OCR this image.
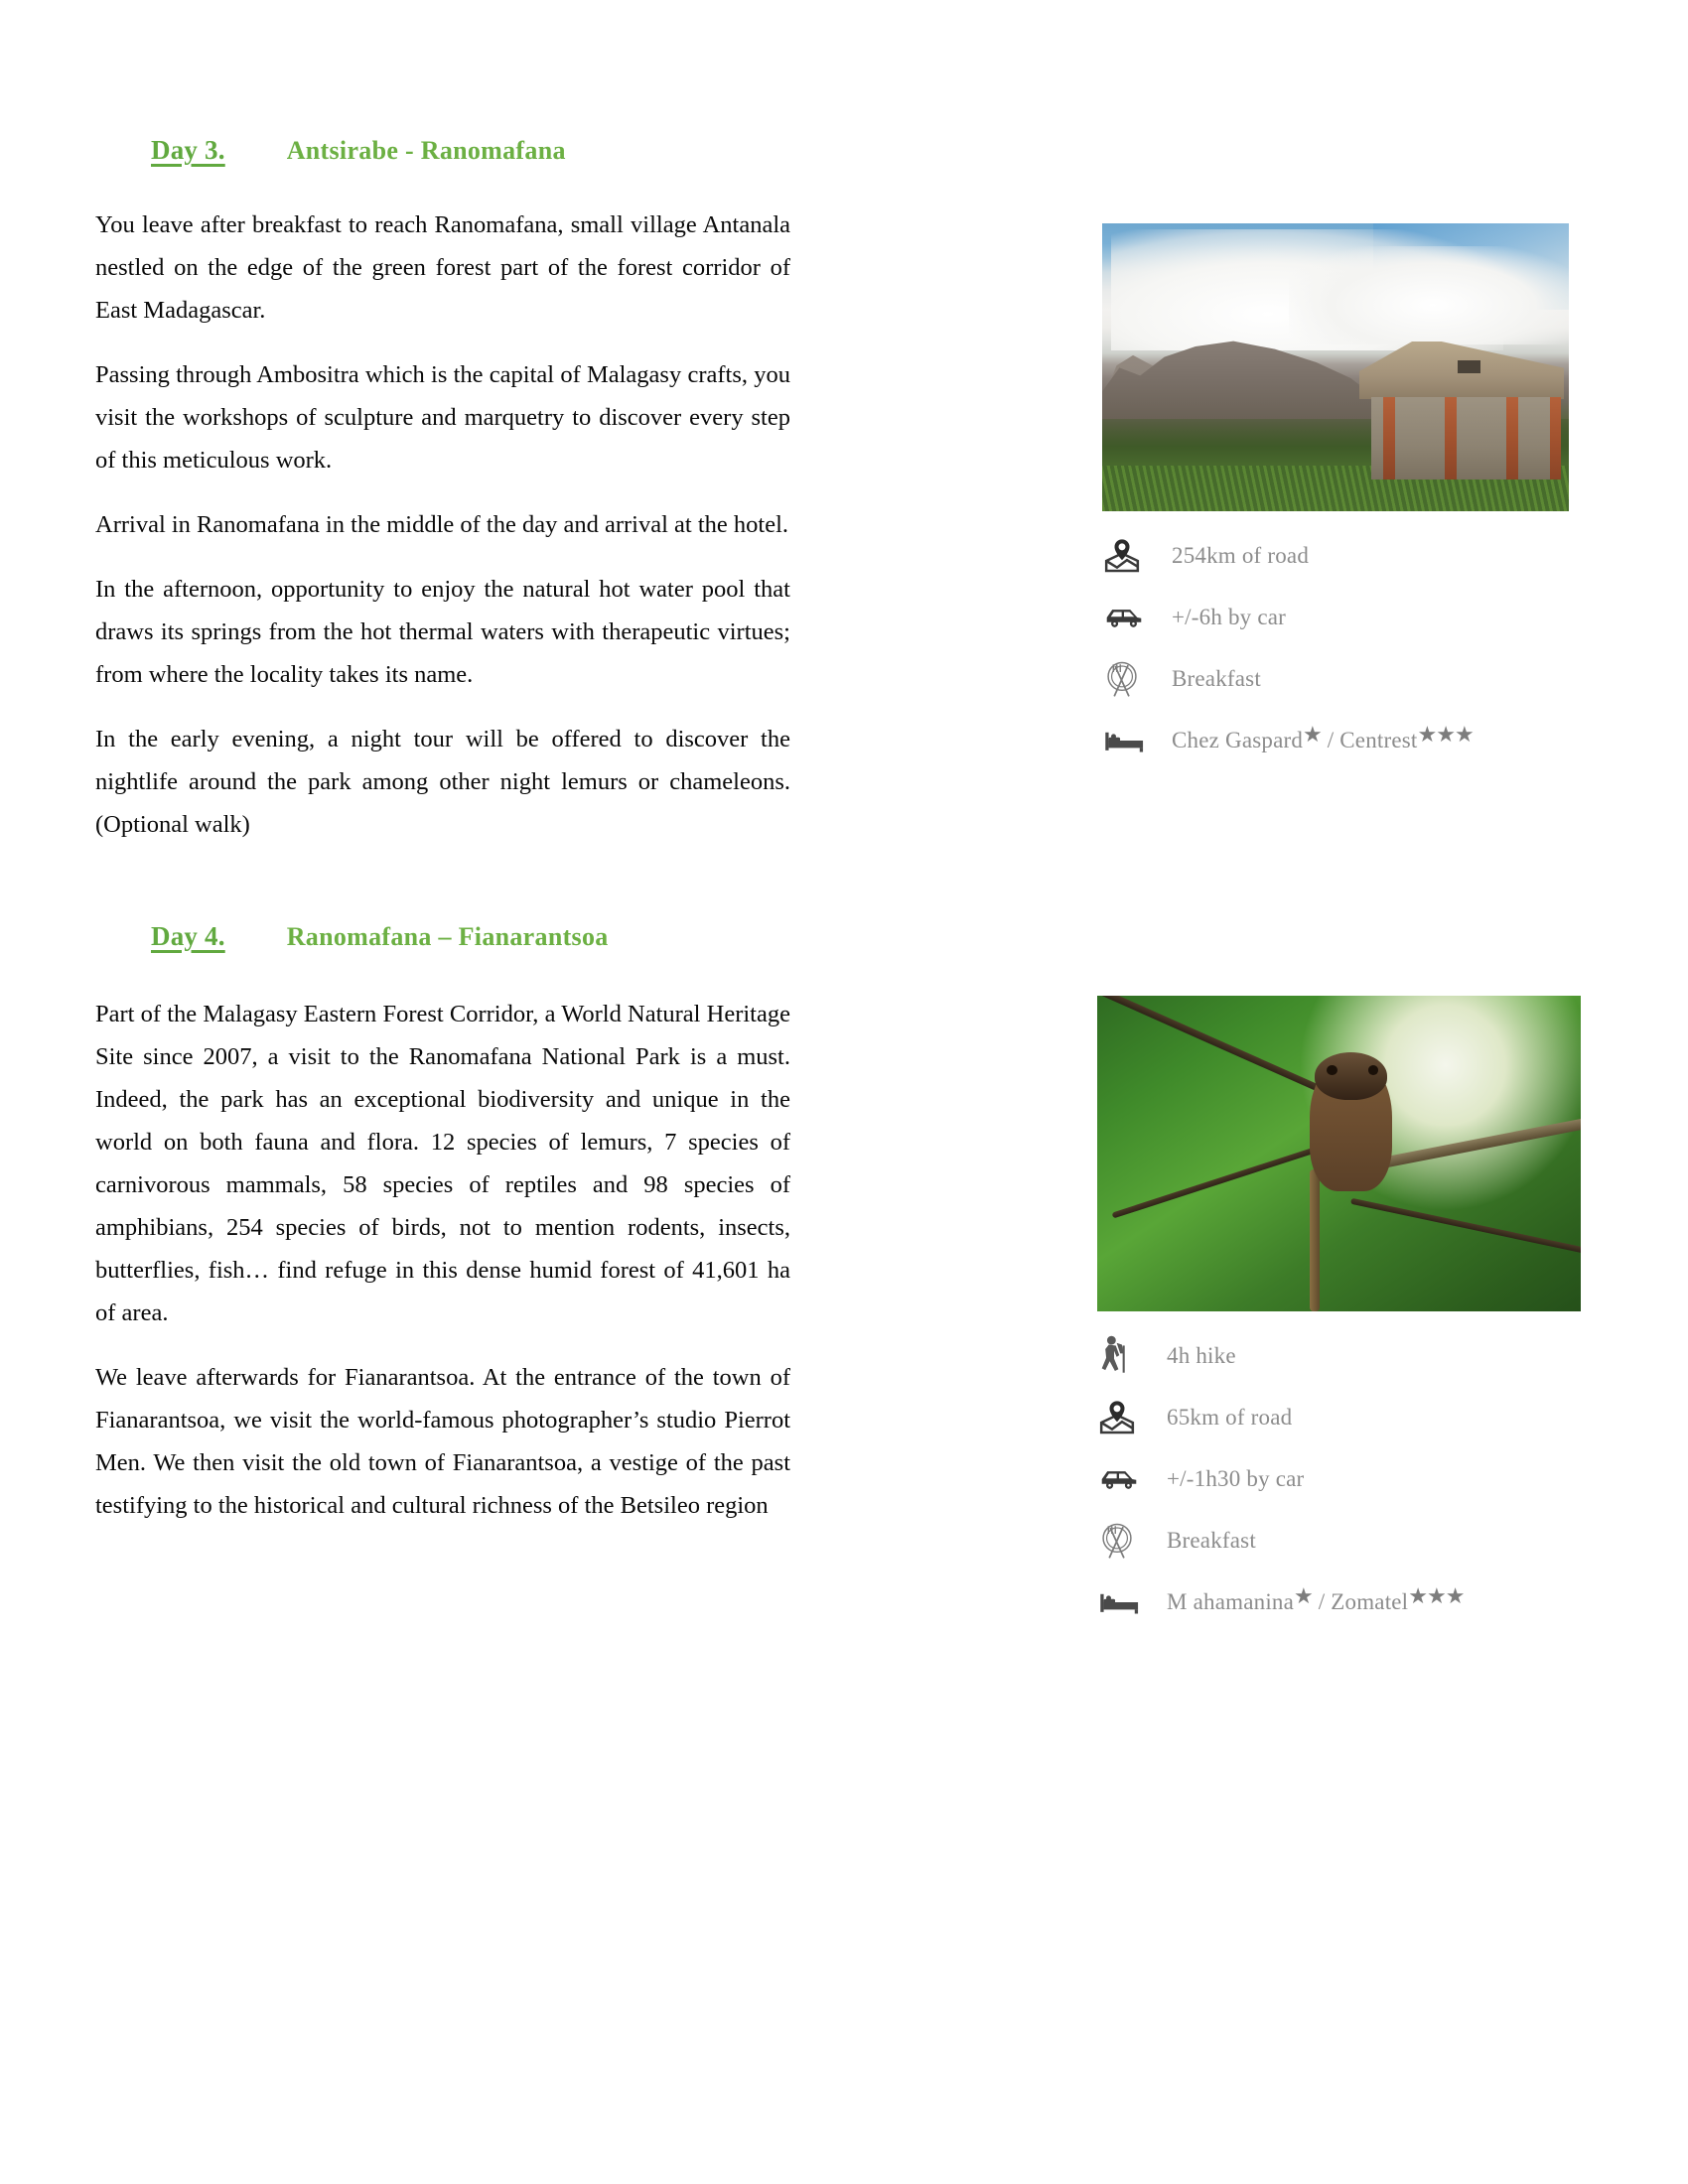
Day 3. Antsirabe - Ranomafana

You leave after breakfast to reach Ranomafana, small village Antanala nestled on the edge of the green forest part of the forest corridor of East Madagascar.

Passing through Ambositra which is the capital of Malagasy crafts, you visit the workshops of sculpture and marquetry to discover every step of this meticulous work.

Arrival in Ranomafana in the middle of the day and arrival at the hotel.

In the afternoon, opportunity to enjoy the natural hot water pool that draws its springs from the hot thermal waters with therapeutic virtues; from where the locality takes its name.

In the early evening, a night tour will be offered to discover the nightlife around the park among other night lemurs or chameleons. (Optional walk)

254km of road
+/-6h by car
Breakfast
Chez Gaspard★ / Centrest★★★
Day 4. Ranomafana – Fianarantsoa

Part of the Malagasy Eastern Forest Corridor, a World Natural Heritage Site since 2007, a visit to the Ranomafana National Park is a must. Indeed, the park has an exceptional biodiversity and unique in the world on both fauna and flora. 12 species of lemurs, 7 species of carnivorous mammals, 58 species of reptiles and 98 species of amphibians, 254 species of birds, not to mention rodents, insects, butterflies, fish… find refuge in this dense humid forest of 41,601 ha of area.

We leave afterwards for Fianarantsoa. At the entrance of the town of Fianarantsoa, we visit the world-famous photographer’s studio Pierrot Men. We then visit the old town of Fianarantsoa, a vestige of the past testifying to the historical and cultural richness of the Betsileo region

4h hike
65km of road
+/-1h30 by car
Breakfast
M ahamanina★ / Zomatel★★★
